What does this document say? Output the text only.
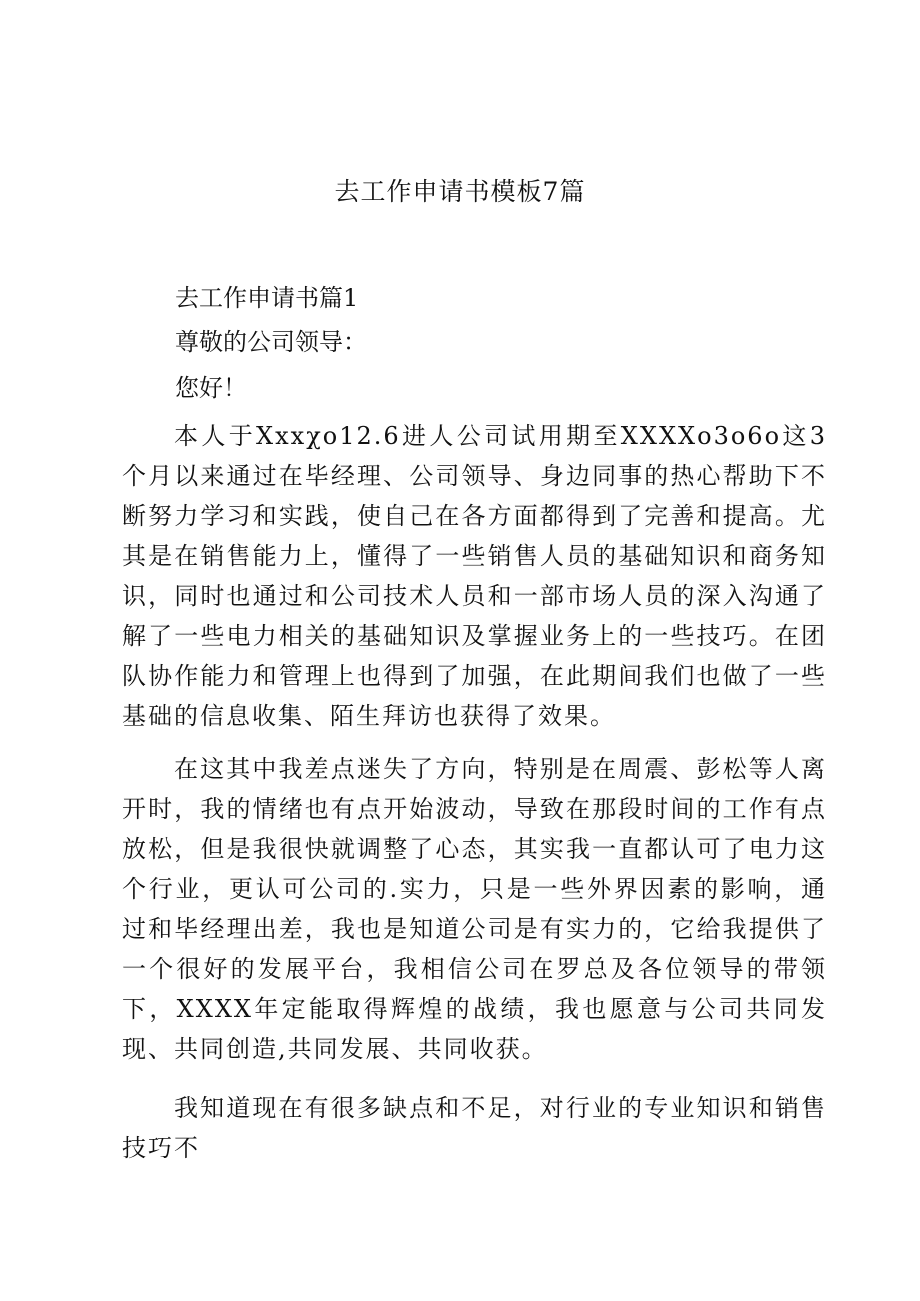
去工作申请书模板7篇
去工作申请书篇1
尊敬的公司领导：
您好！
本人于Xxxχo12.6进人公司试用期至XXXXo3o6o这3个月以来通过在毕经理、公司领导、身边同事的热心帮助下不断努力学习和实践，使自己在各方面都得到了完善和提高。尤其是在销售能力上，懂得了一些销售人员的基础知识和商务知识，同时也通过和公司技术人员和一部市场人员的深入沟通了解了一些电力相关的基础知识及掌握业务上的一些技巧。在团队协作能力和管理上也得到了加强，在此期间我们也做了一些基础的信息收集、陌生拜访也获得了效果。
在这其中我差点迷失了方向，特别是在周震、彭松等人离开时，我的情绪也有点开始波动，导致在那段时间的工作有点放松，但是我很快就调整了心态，其实我一直都认可了电力这个行业，更认可公司的.实力，只是一些外界因素的影响，通过和毕经理出差，我也是知道公司是有实力的，它给我提供了一个很好的发展平台，我相信公司在罗总及各位领导的带领下，XXXX年定能取得辉煌的战绩，我也愿意与公司共同发现、共同创造,共同发展、共同收获。
我知道现在有很多缺点和不足，对行业的专业知识和销售技巧不
